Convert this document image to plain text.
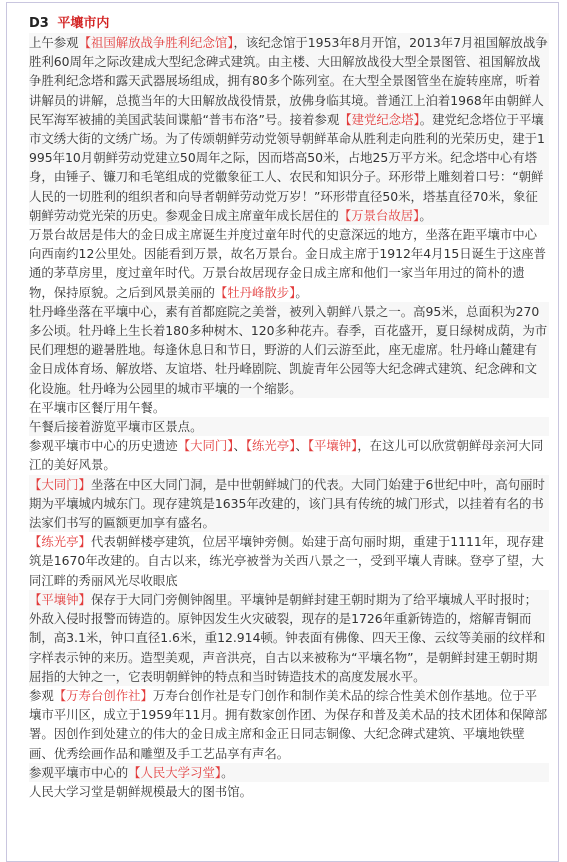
D3 平壤市内

上午参观【祖国解放战争胜利纪念馆】，该纪念馆于1953年8月开馆，2013年7月祖国解放战争胜利60周年之际改建成大型纪念碑式建筑。由主楼、大田解放战役大型全景图管、祖国解放战争胜利纪念塔和露天武器展场组成，拥有80多个陈列室。在大型全景图管坐在旋转座席，听着讲解员的讲解，总揽当年的大田解放战役情景，放佛身临其境。普通江上泊着1968年由朝鲜人民军海军被捕的美国武装间谍船“普韦布洛”号。接着参观【建党纪念塔】。建党纪念塔位于平壤市文绣大街的文绣广场。为了传颂朝鲜劳动党领导朝鲜革命从胜利走向胜利的光荣历史，建于1995年10月朝鲜劳动党建立50周年之际，因而塔高50米，占地25万平方米。纪念塔中心有塔身，由锤子、镰刀和毛笔组成的党徽象征工人、农民和知识分子。环形带上雕刻着口号：“朝鲜人民的一切胜利的组织者和向导者朝鲜劳动党万岁！”环形带直径50米，塔基直径70米，象征朝鲜劳动党光荣的历史。参观金日成主席童年成长居住的【万景台故居】。

万景台故居是伟大的金日成主席诞生并度过童年时代的史意深远的地方，坐落在距平壤市中心向西南约12公里处。因能看到万景，故名万景台。金日成主席于1912年4月15日诞生于这座普通的茅草房里，度过童年时代。万景台故居现存金日成主席和他们一家当年用过的简朴的遗物，保持原貌。之后到风景美丽的【牡丹峰散步】。

牡丹峰坐落在平壤中心，素有首都庭院之美誉，被列入朝鲜八景之一。高95米，总面积为270多公顷。牡丹峰上生长着180多种树木、120多种花卉。春季，百花盛开，夏日绿树成荫，为市民们理想的避暑胜地。每逢休息日和节日，野游的人们云游至此，座无虚席。牡丹峰山麓建有金日成体育场、解放塔、友谊塔、牡丹峰剧院、凯旋青年公园等大纪念碑式建筑、纪念碑和文化设施。牡丹峰为公园里的城市平壤的一个缩影。

在平壤市区餐厅用午餐。

午餐后接着游览平壤市区景点。

参观平壤市中心的历史遗迹【大同门】、【练光亭】、【平壤钟】，在这儿可以欣赏朝鲜母亲河大同江的美好风景。

【大同门】坐落在中区大同门洞，是中世朝鲜城门的代表。大同门始建于6世纪中叶，高句丽时期为平壤城内城东门。现存建筑是1635年改建的，该门具有传统的城门形式，以挂着有名的书法家们书写的匾额更加享有盛名。

【练光亭】代表朝鲜楼亭建筑，位居平壤钟旁侧。始建于高句丽时期，重建于1111年，现存建筑是1670年改建的。自古以来，练光亭被誉为关西八景之一，受到平壤人青睐。登亭了望，大同江畔的秀丽风光尽收眼底

【平壤钟】保存于大同门旁侧钟阁里。平壤钟是朝鲜封建王朝时期为了给平壤城人平时报时；外敌入侵时报警而铸造的。原钟因发生火灾破裂，现存的是1726年重新铸造的，熔解青铜而制，高3.1米，钟口直径1.6米，重12.914顿。钟表面有佛像、四天王像、云纹等美丽的纹样和字样表示钟的来历。造型美观，声音洪亮，自古以来被称为“平壤名物”，是朝鲜封建王朝时期屈指的大钟之一，它表明朝鲜钟的特点和当时铸造技术的高度发展水平。

参观【万寿台创作社】万寿台创作社是专门创作和制作美术品的综合性美术创作基地。位于平壤市平川区，成立于1959年11月。拥有数家创作团、为保存和普及美术品的技术团体和保障部署。因创作到处建立的伟大的金日成主席和金正日同志铜像、大纪念碑式建筑、平壤地铁壁画、优秀绘画作品和雕塑及手工艺品享有声名。

参观平壤市中心的【人民大学习堂】。

人民大学习堂是朝鲜规模最大的图书馆。
